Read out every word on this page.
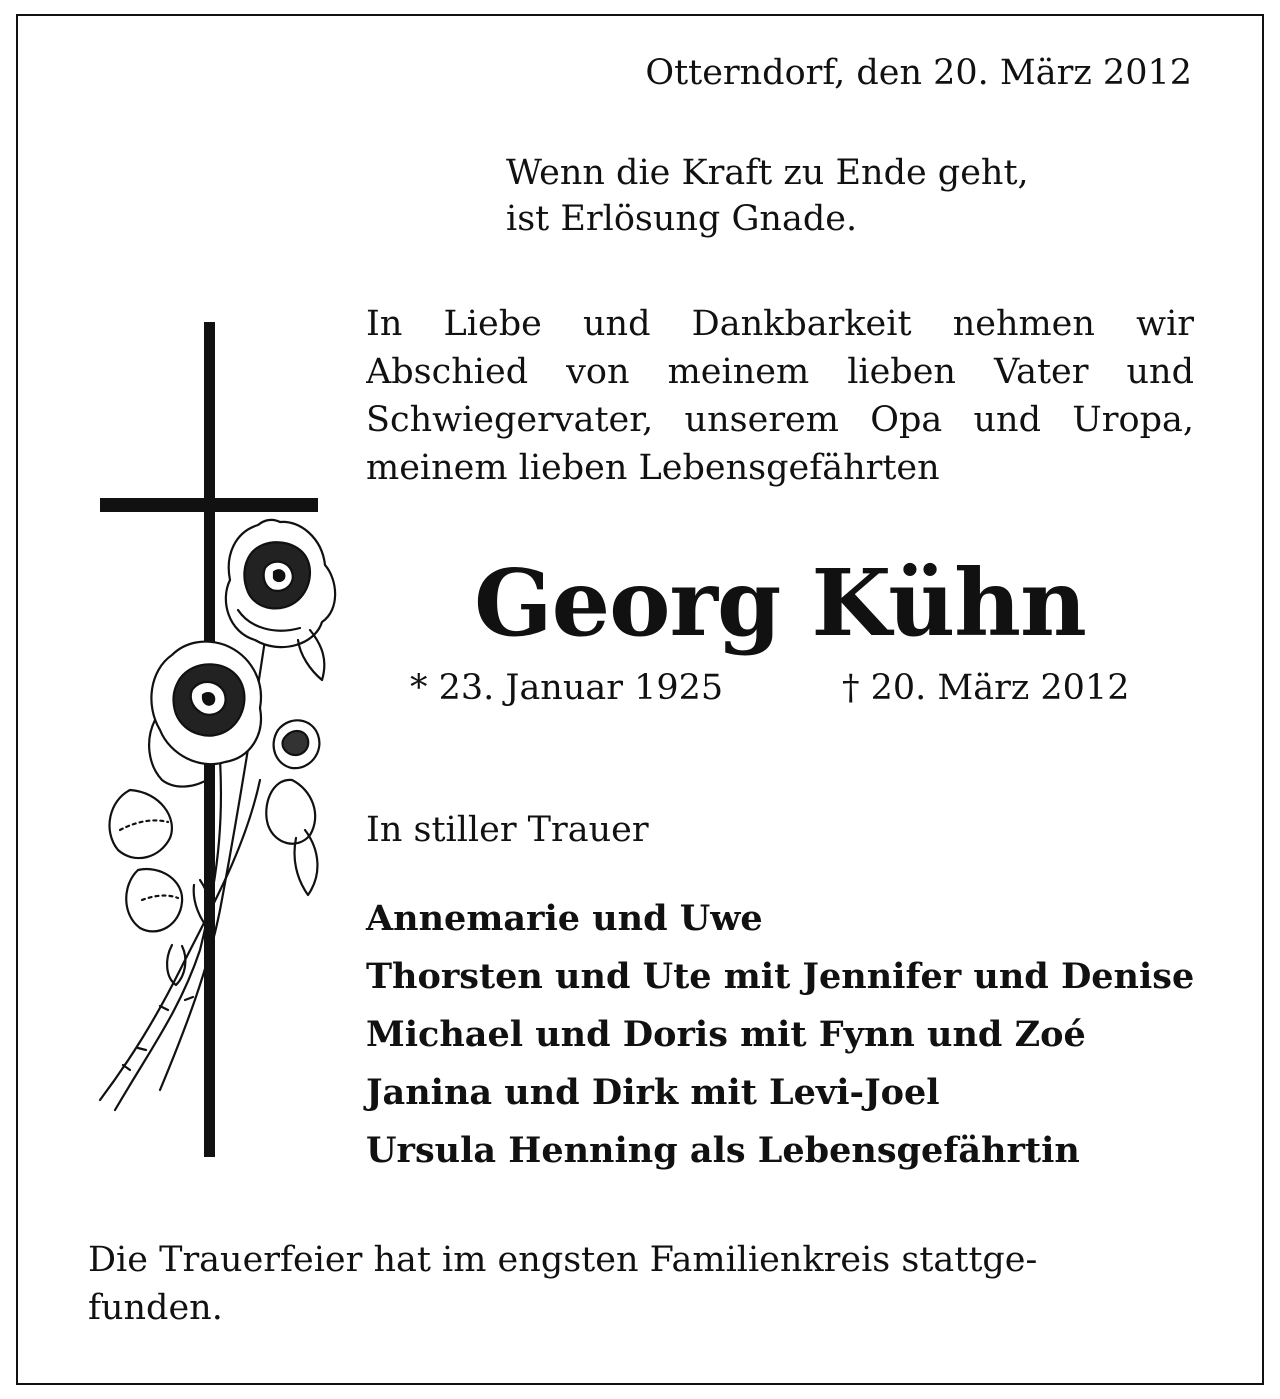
Otterndorf, den 20. März 2012
Wenn die Kraft zu Ende geht,
ist Erlösung Gnade.
In Liebe und Dankbarkeit nehmen wir
Abschied von meinem lieben Vater und
Schwiegervater, unserem Opa und Uropa,
meinem lieben Lebensgefährten
Georg Kühn
* 23. Januar 1925	† 20. März 2012
In stiller Trauer
Annemarie und Uwe
Thorsten und Ute mit Jennifer und Denise
Michael und Doris mit Fynn und Zoé
Janina und Dirk mit Levi-Joel
Ursula Henning als Lebensgefährtin
Die Trauerfeier hat im engsten Familienkreis stattge-
funden.
